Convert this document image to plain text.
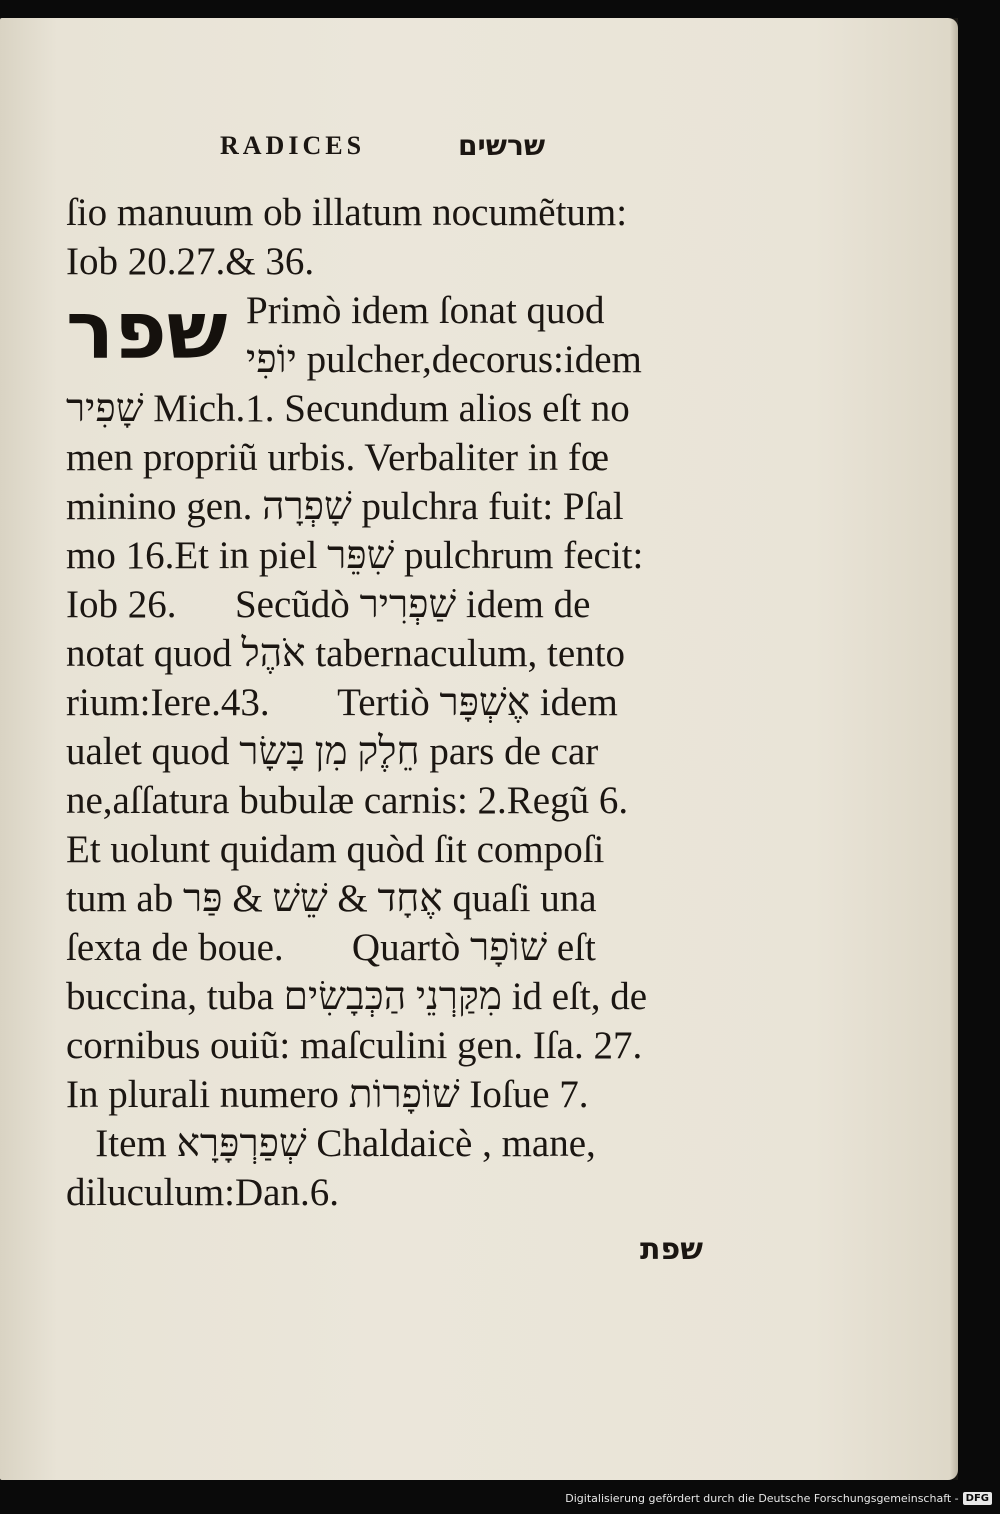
RADICES	שרשים
שפר
ſio manuum ob illatum nocumẽtum:
Iob 20.27.& 36.
Primò idem ſonat quod
יוֹפִי pulcher,decorus:idem
שָׁפִיר Mich.1. Secundum alios eſt no
men propriũ urbis. Verbaliter in fœ
minino gen. שָׁפְרָה pulchra fuit: Pſal
mo 16.Et in piel שִׁפֵּר pulchrum fecit:
Iob 26.      Secũdò שַׁפְרִיר idem de
notat quod אֹהֶל tabernaculum, tento
rium:Iere.43.       Tertiò אֶשְׁפָּר idem
ualet quod חֵלֶק מִן בָּשָׂר pars de car
ne,aſſatura bubulæ carnis: 2.Regũ 6.
Et uolunt quidam quòd ſit compoſi
tum ab אֶחָד & שֵׁשׁ & פַּר quaſi una
ſexta de boue.       Quartò שׁוֹפָר eſt
buccina, tuba מִקַּרְנֵי הַכְּבָשִׂים id eſt, de
cornibus ouiũ: maſculini gen. Iſa. 27.
In plurali numero שׁוֹפָרוֹת Ioſue 7.
Item שְׁפַרְפָּרָא Chaldaicè , mane,
diluculum:Dan.6.
שפת
Digitalisierung gefördert durch die Deutsche Forschungsgemeinschaft - DFG
